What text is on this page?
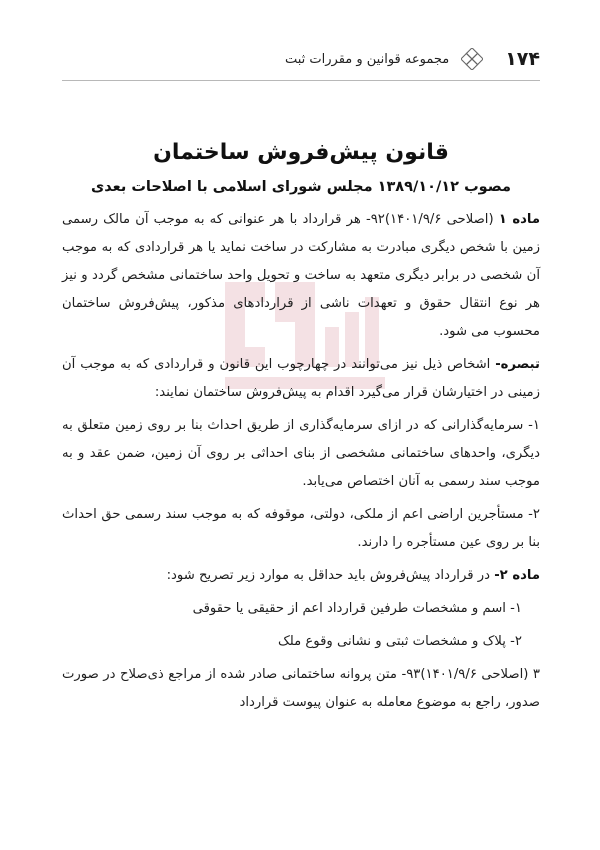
۱۷۴
مجموعه قوانین و مقررات ثبت
قانون پیش‌فروش ساختمان
مصوب ۱۳۸۹/۱۰/۱۲ مجلس شورای اسلامی با اصلاحات بعدی

ماده ۱ (اصلاحی ۱۴۰۱/۹/۶)۹۲- هر قرارداد با هر عنوانی که به موجب آن مالک رسمی زمین با شخص دیگری مبادرت به مشارکت در ساخت نماید یا هر قراردادی که به موجب آن شخصی در برابر دیگری متعهد به ساخت و تحویل واحد ساختمانی مشخص گردد و نیز هر نوع انتقال حقوق و تعهدات ناشی از قراردادهای مذکور، پیش‌فروش ساختمان محسوب می شود.

تبصره- اشخاص ذیل نیز می‌توانند در چهارچوب این قانون و قراردادی که به موجب آن زمینی در اختیارشان قرار می‌گیرد اقدام به پیش‌فروش ساختمان نمایند:

۱- سرمایه‌گذارانی که در ازای سرمایه‌گذاری از طریق احداث بنا بر روی زمین متعلق به دیگری، واحدهای ساختمانی مشخصی از بنای احداثی بر روی آن زمین، ضمن عقد و به موجب سند رسمی به آنان اختصاص می‌یابد.

۲- مستأجرین اراضی اعم از ملکی، دولتی، موقوفه که به موجب سند رسمی حق احداث بنا بر روی عین مستأجره را دارند.

ماده ۲- در قرارداد پیش‌فروش باید حداقل به موارد زیر تصریح شود:

۱- اسم و مشخصات طرفین قرارداد اعم از حقیقی یا حقوقی

۲- پلاک و مشخصات ثبتی و نشانی وقوع ملک

۳ (اصلاحی ۱۴۰۱/۹/۶)۹۳- متن پروانه ساختمانی صادر شده از مراجع ذی‌صلاح در صورت صدور، راجع به موضوع معامله به عنوان پیوست قرارداد
